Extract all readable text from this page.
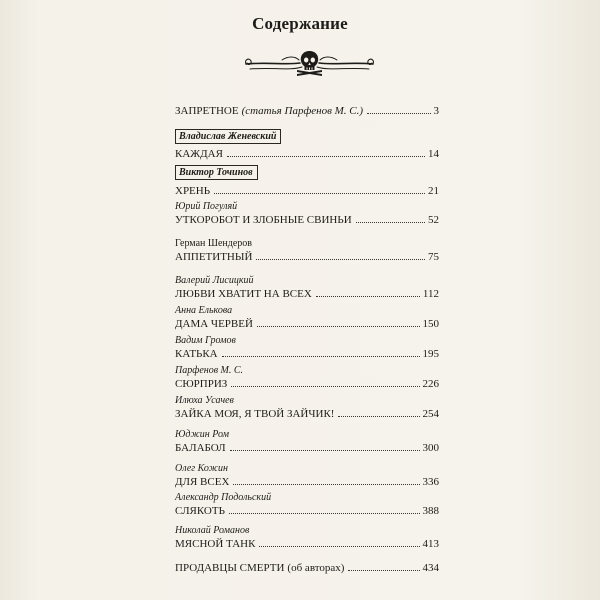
Содержание
ЗАПРЕТНОЕ (статья Парфенов М. С.)	3
Владислав Женевский
КАЖДАЯ	14
Виктор Точинов
ХРЕНЬ	21
Юрий Погуляй
УТКОРОБОТ И ЗЛОБНЫЕ СВИНЬИ	52
Герман Шендеров
АППЕТИТНЫЙ	75
Валерий Лисицкий
ЛЮБВИ ХВАТИТ НА ВСЕХ	112
Анна Елькова
ДАМА ЧЕРВЕЙ	150
Вадим Громов
КАТЬКА	195
Парфенов М. С.
СЮРПРИЗ	226
Илюха Усачев
ЗАЙКА МОЯ, Я ТВОЙ ЗАЙЧИК!	254
Юджин Ром
БАЛАБОЛ	300
Олег Кожин
ДЛЯ ВСЕХ	336
Александр Подольский
СЛЯКОТЬ	388
Николай Романов
МЯСНОЙ ТАНК	413
ПРОДАВЦЫ СМЕРТИ (об авторах)	434
